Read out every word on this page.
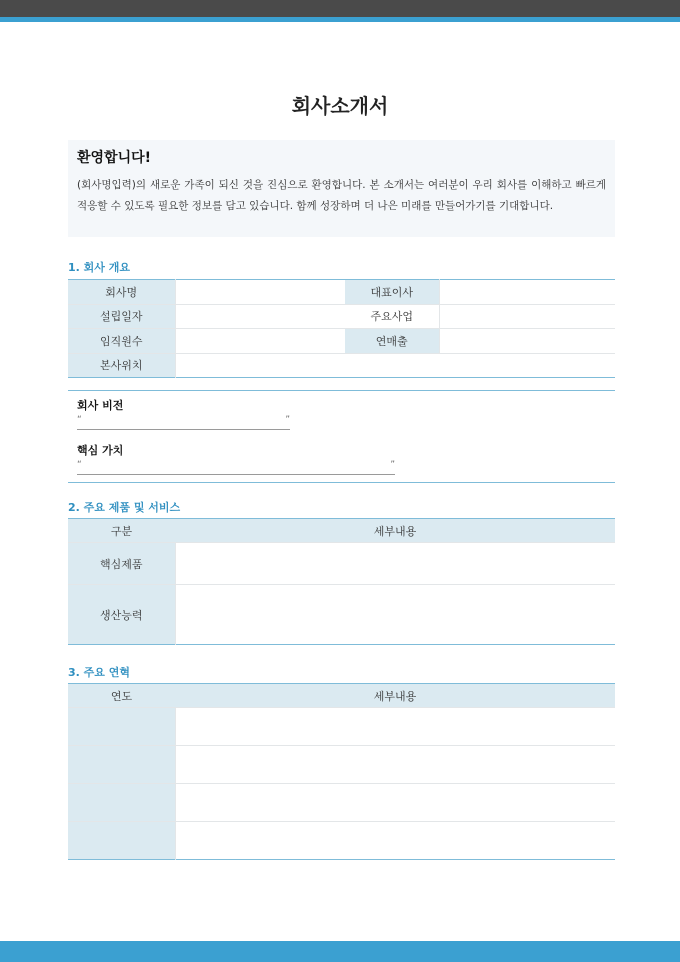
회사소개서
환영합니다!
(회사명입력)의 새로운 가족이 되신 것을 진심으로 환영합니다. 본 소개서는 여러분이 우리 회사를 이해하고 빠르게 적응할 수 있도록 필요한 정보를 담고 있습니다. 함께 성장하며 더 나은 미래를 만들어가기를 기대합니다.
1. 회사 개요
회사명		대표이사	
설립일자		주요사업	
임직원수		연매출	
본사위치			
회사 비전
“	”
핵심 가치
“	”
2. 주요 제품 및 서비스
구분	세부내용
핵심제품	
생산능력	
3. 주요 연혁
연도	세부내용
